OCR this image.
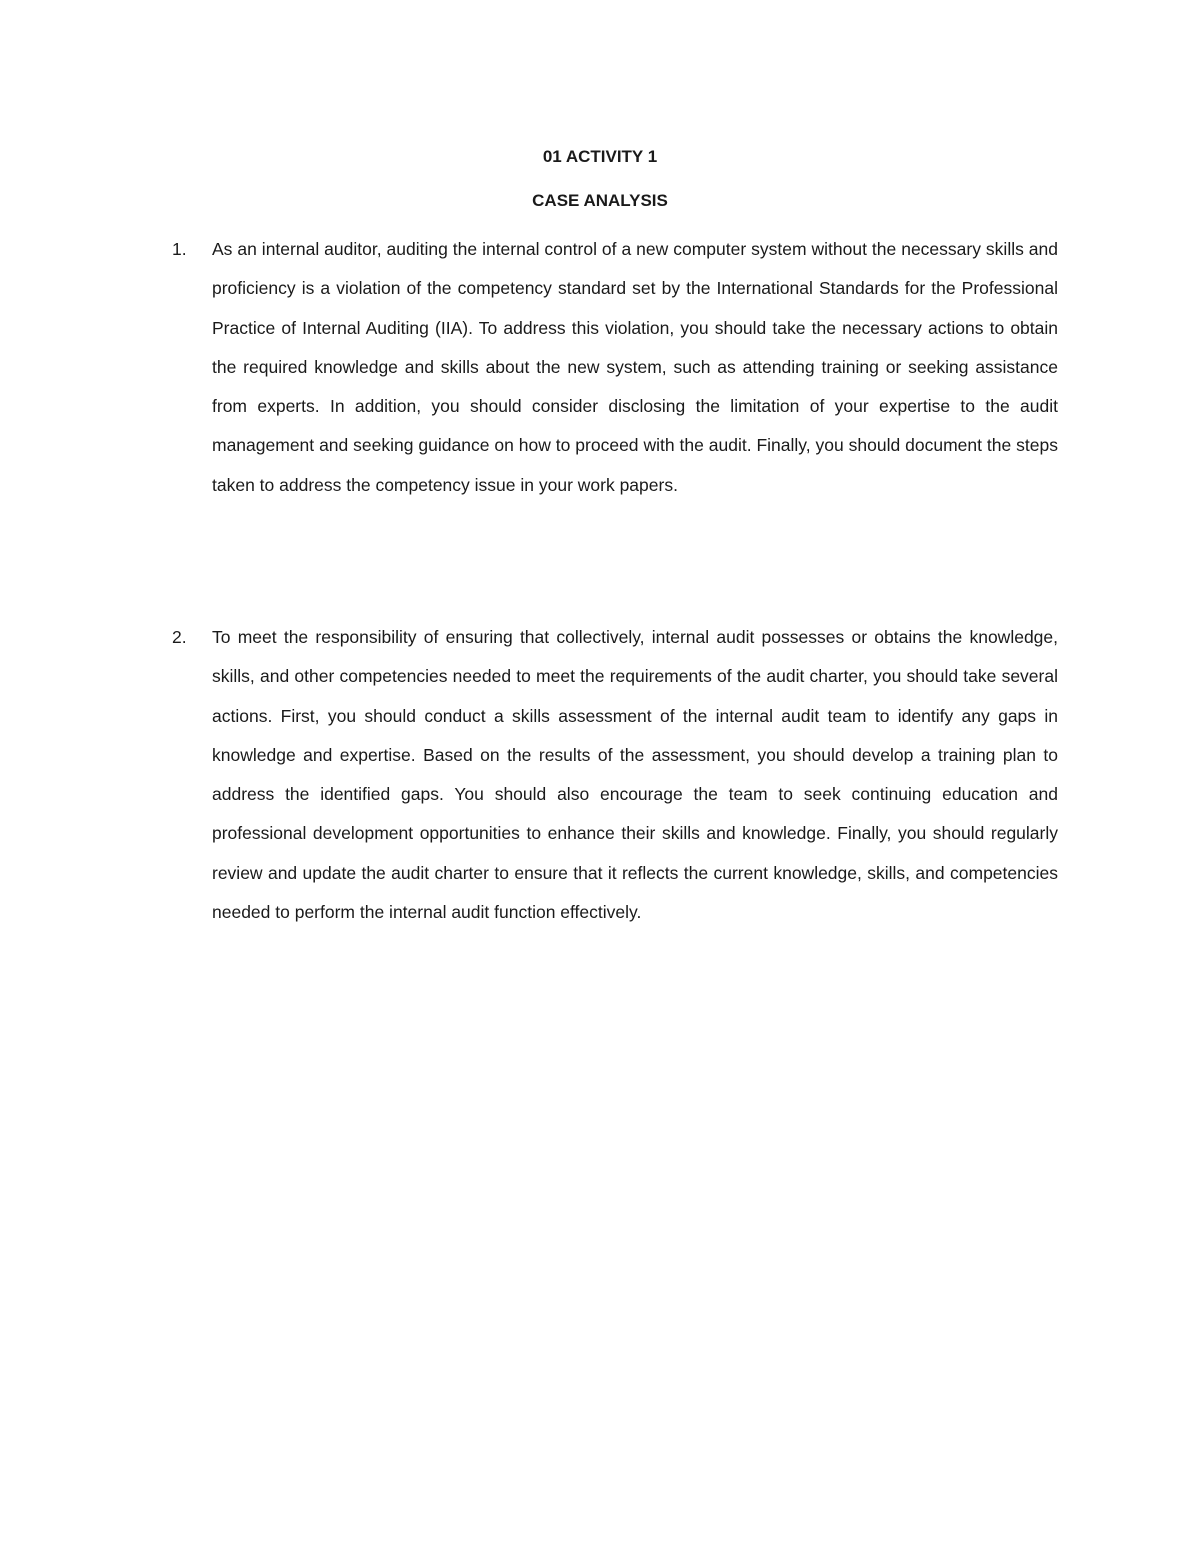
01 ACTIVITY 1
CASE ANALYSIS
1. As an internal auditor, auditing the internal control of a new computer system without the necessary skills and proficiency is a violation of the competency standard set by the International Standards for the Professional Practice of Internal Auditing (IIA). To address this violation, you should take the necessary actions to obtain the required knowledge and skills about the new system, such as attending training or seeking assistance from experts. In addition, you should consider disclosing the limitation of your expertise to the audit management and seeking guidance on how to proceed with the audit. Finally, you should document the steps taken to address the competency issue in your work papers.
2. To meet the responsibility of ensuring that collectively, internal audit possesses or obtains the knowledge, skills, and other competencies needed to meet the requirements of the audit charter, you should take several actions. First, you should conduct a skills assessment of the internal audit team to identify any gaps in knowledge and expertise. Based on the results of the assessment, you should develop a training plan to address the identified gaps. You should also encourage the team to seek continuing education and professional development opportunities to enhance their skills and knowledge. Finally, you should regularly review and update the audit charter to ensure that it reflects the current knowledge, skills, and competencies needed to perform the internal audit function effectively.
